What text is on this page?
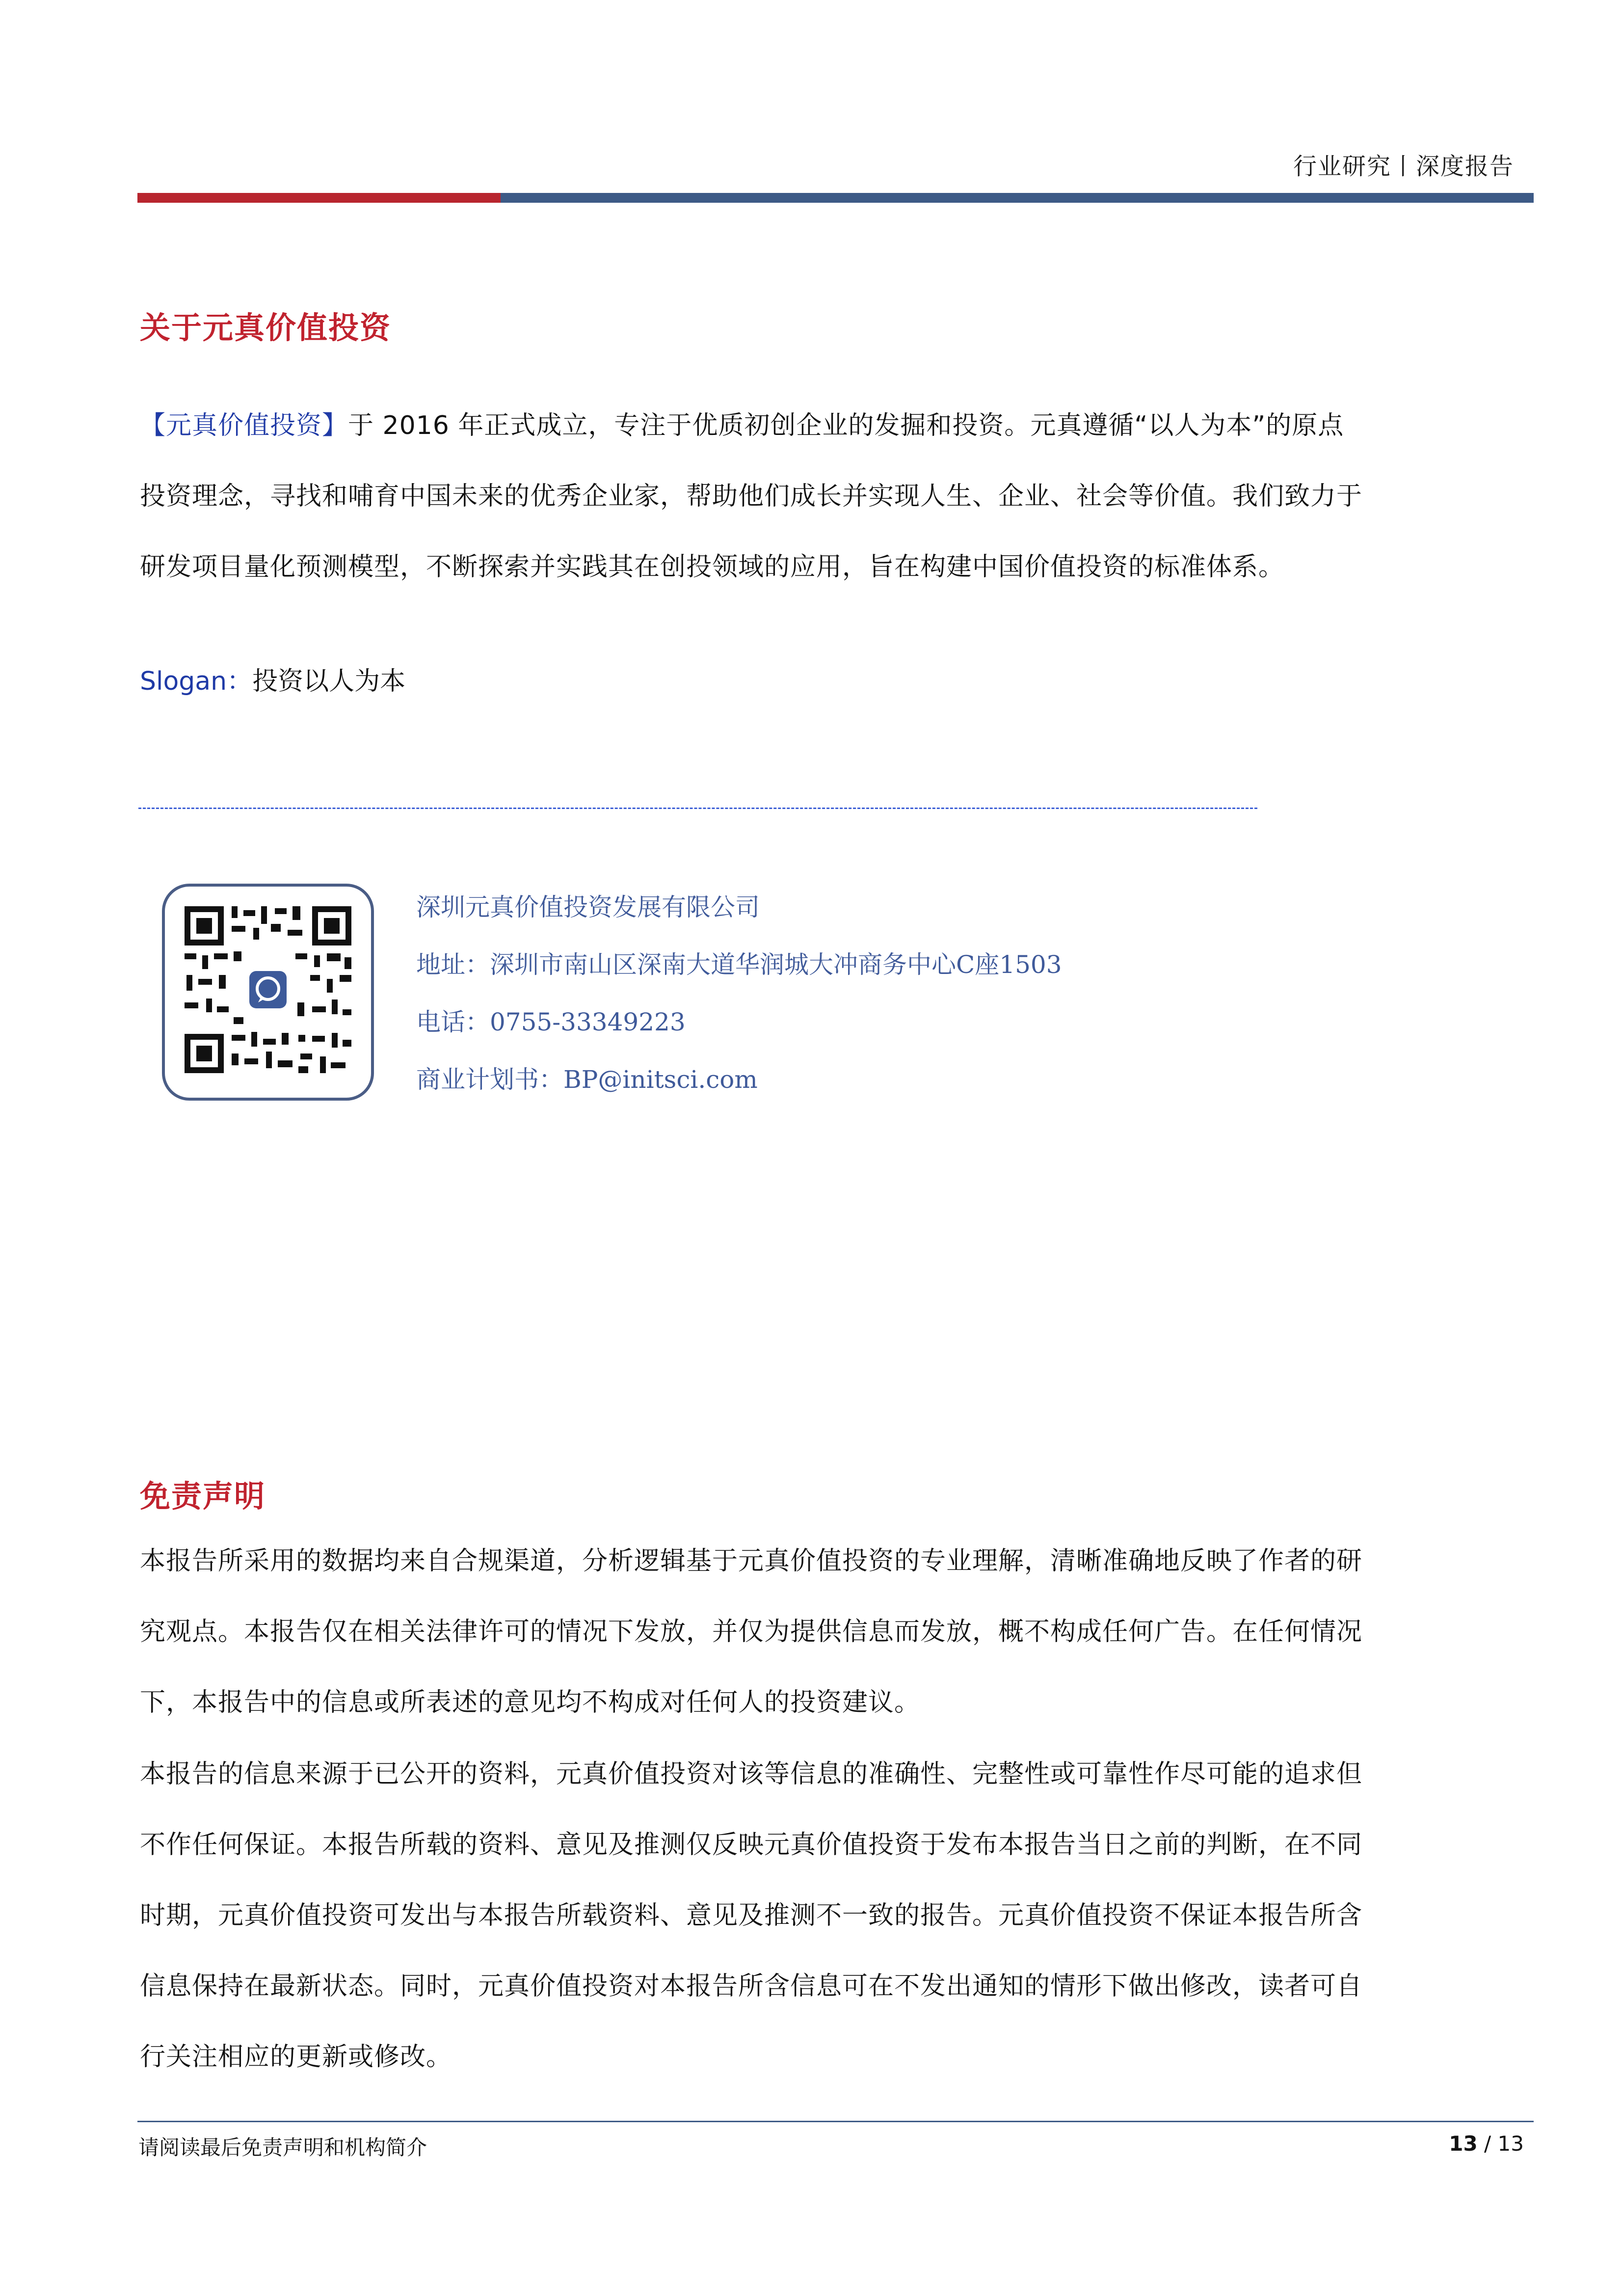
行业研究丨深度报告
关于元真价值投资

【元真价值投资】于 2016 年正式成立，专注于优质初创企业的发掘和投资。元真遵循“以人为本”的原点

投资理念，寻找和哺育中国未来的优秀企业家，帮助他们成长并实现人生、企业、社会等价值。我们致力于

研发项目量化预测模型，不断探索并实践其在创投领域的应用，旨在构建中国价值投资的标准体系。

Slogan：投资以人为本
深圳元真价值投资发展有限公司
地址：深圳市南山区深南大道华润城大冲商务中心C座1503
电话：0755-33349223
商业计划书：BP@initsci.com
免责声明

本报告所采用的数据均来自合规渠道，分析逻辑基于元真价值投资的专业理解，清晰准确地反映了作者的研

究观点。本报告仅在相关法律许可的情况下发放，并仅为提供信息而发放，概不构成任何广告。在任何情况

下，本报告中的信息或所表述的意见均不构成对任何人的投资建议。

本报告的信息来源于已公开的资料，元真价值投资对该等信息的准确性、完整性或可靠性作尽可能的追求但

不作任何保证。本报告所载的资料、意见及推测仅反映元真价值投资于发布本报告当日之前的判断，在不同

时期，元真价值投资可发出与本报告所载资料、意见及推测不一致的报告。元真价值投资不保证本报告所含

信息保持在最新状态。同时，元真价值投资对本报告所含信息可在不发出通知的情形下做出修改，读者可自

行关注相应的更新或修改。

请阅读最后免责声明和机构简介	13 / 13
